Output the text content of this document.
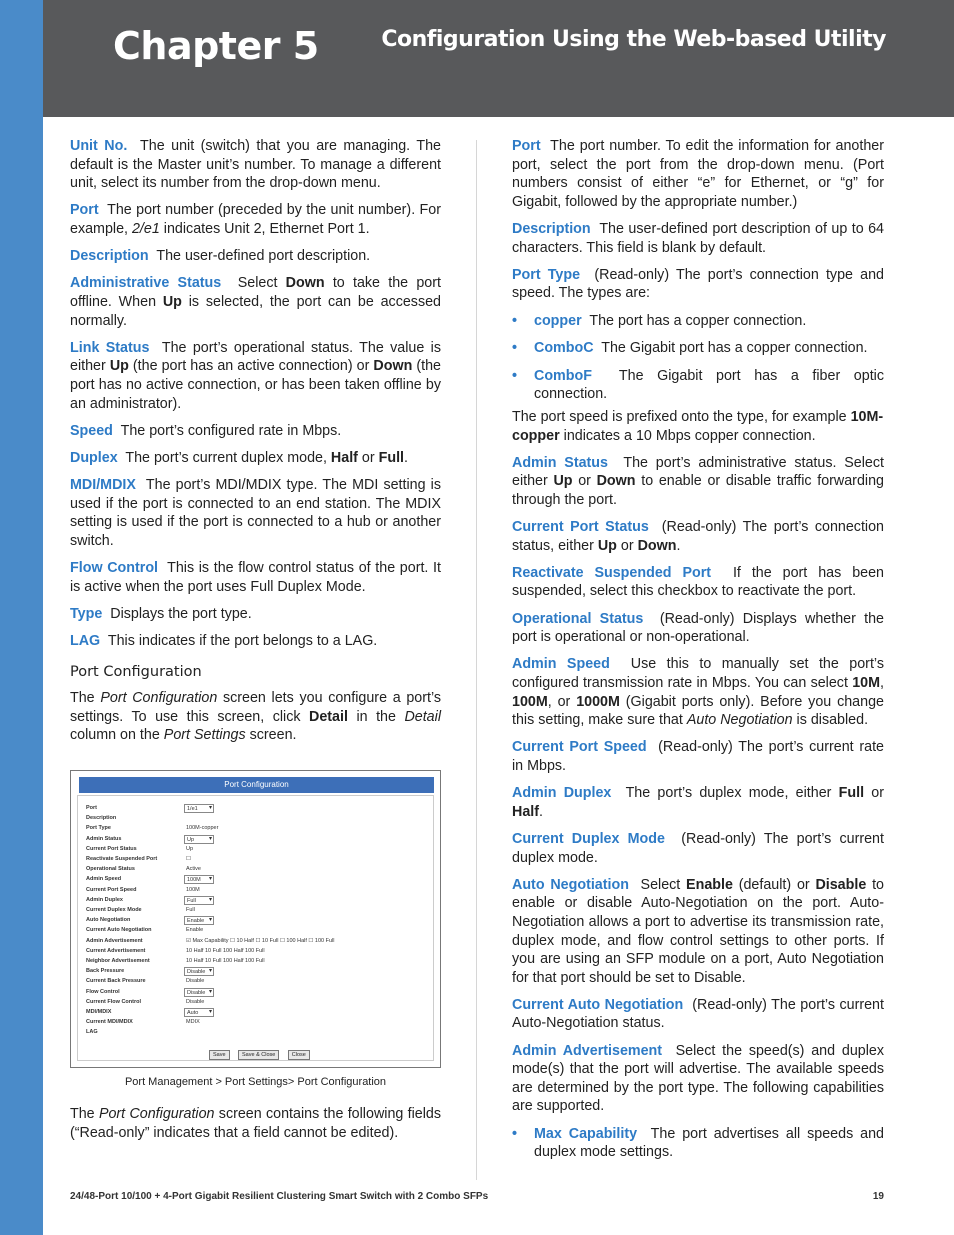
Chapter 5	Configuration Using the Web-based Utility

Unit No. The unit (switch) that you are managing. The default is the Master unit’s number. To manage a different unit, select its number from the drop-down menu.

Port The port number (preceded by the unit number). For example, 2/e1 indicates Unit 2, Ethernet Port 1.

Description The user-defined port description.

Administrative Status Select Down to take the port offline. When Up is selected, the port can be accessed normally.

Link Status The port’s operational status. The value is either Up (the port has an active connection) or Down (the port has no active connection, or has been taken offline by an administrator).

Speed The port’s configured rate in Mbps.

Duplex The port’s current duplex mode, Half or Full.

MDI/MDIX The port’s MDI/MDIX type. The MDI setting is used if the port is connected to an end station. The MDIX setting is used if the port is connected to a hub or another switch.

Flow Control This is the flow control status of the port. It is active when the port uses Full Duplex Mode.

Type Displays the port type.

LAG This indicates if the port belongs to a LAG.

Port Configuration

The Port Configuration screen lets you configure a port’s settings. To use this screen, click Detail in the Detail column on the Port Settings screen.

Port Configuration
Port	1/e1 ▾
Description
Port Type	100M-copper
Admin Status	Up ▾
Current Port Status	Up
Reactivate Suspended Port	☐
Operational Status	Active
Admin Speed	100M ▾
Current Port Speed	100M
Admin Duplex	Full ▾
Current Duplex Mode	Full
Auto Negotiation	Enable ▾
Current Auto Negotiation	Enable
Admin Advertisement	☑ Max Capability ☐ 10 Half ☐ 10 Full ☐ 100 Half ☐ 100 Full
Current Advertisement	10 Half 10 Full 100 Half 100 Full
Neighbor Advertisement	10 Half 10 Full 100 Half 100 Full
Back Pressure	Disable ▾
Current Back Pressure	Disable
Flow Control	Disable ▾
Current Flow Control	Disable
MDI/MDIX	Auto ▾
Current MDI/MDIX	MDIX
LAG
Save	Save & Close	Close
Port Management > Port Settings> Port Configuration

The Port Configuration screen contains the following fields (“Read-only” indicates that a field cannot be edited).

Port The port number. To edit the information for another port, select the port from the drop-down menu. (Port numbers consist of either “e” for Ethernet, or “g” for Gigabit, followed by the appropriate number.)

Description The user-defined port description of up to 64 characters. This field is blank by default.

Port Type (Read-only) The port’s connection type and speed. The types are:

• copper The port has a copper connection.
• ComboC The Gigabit port has a copper connection.
• ComboF The Gigabit port has a fiber optic connection.

The port speed is prefixed onto the type, for example 10M-copper indicates a 10 Mbps copper connection.

Admin Status The port’s administrative status. Select either Up or Down to enable or disable traffic forwarding through the port.

Current Port Status (Read-only) The port’s connection status, either Up or Down.

Reactivate Suspended Port  If the port has been suspended, select this checkbox to reactivate the port.

Operational Status (Read-only) Displays whether the port is operational or non-operational.

Admin Speed Use this to manually set the port’s configured transmission rate in Mbps. You can select 10M, 100M, or 1000M (Gigabit ports only). Before you change this setting, make sure that Auto Negotiation is disabled.

Current Port Speed (Read-only) The port’s current rate in Mbps.

Admin Duplex The port’s duplex mode, either Full or Half.

Current Duplex Mode (Read-only) The port’s current duplex mode.

Auto Negotiation Select Enable (default) or Disable to enable or disable Auto-Negotiation on the port. Auto-Negotiation allows a port to advertise its transmission rate, duplex mode, and flow control settings to other ports. If you are using an SFP module on a port, Auto Negotiation for that port should be set to Disable.

Current Auto Negotiation (Read-only) The port’s current Auto-Negotiation status.

Admin Advertisement Select the speed(s) and duplex mode(s) that the port will advertise. The available speeds are determined by the port type. The following capabilities are supported.

• Max Capability The port advertises all speeds and duplex mode settings.
24/48-Port 10/100 + 4-Port Gigabit Resilient Clustering Smart Switch with 2 Combo SFPs	19
